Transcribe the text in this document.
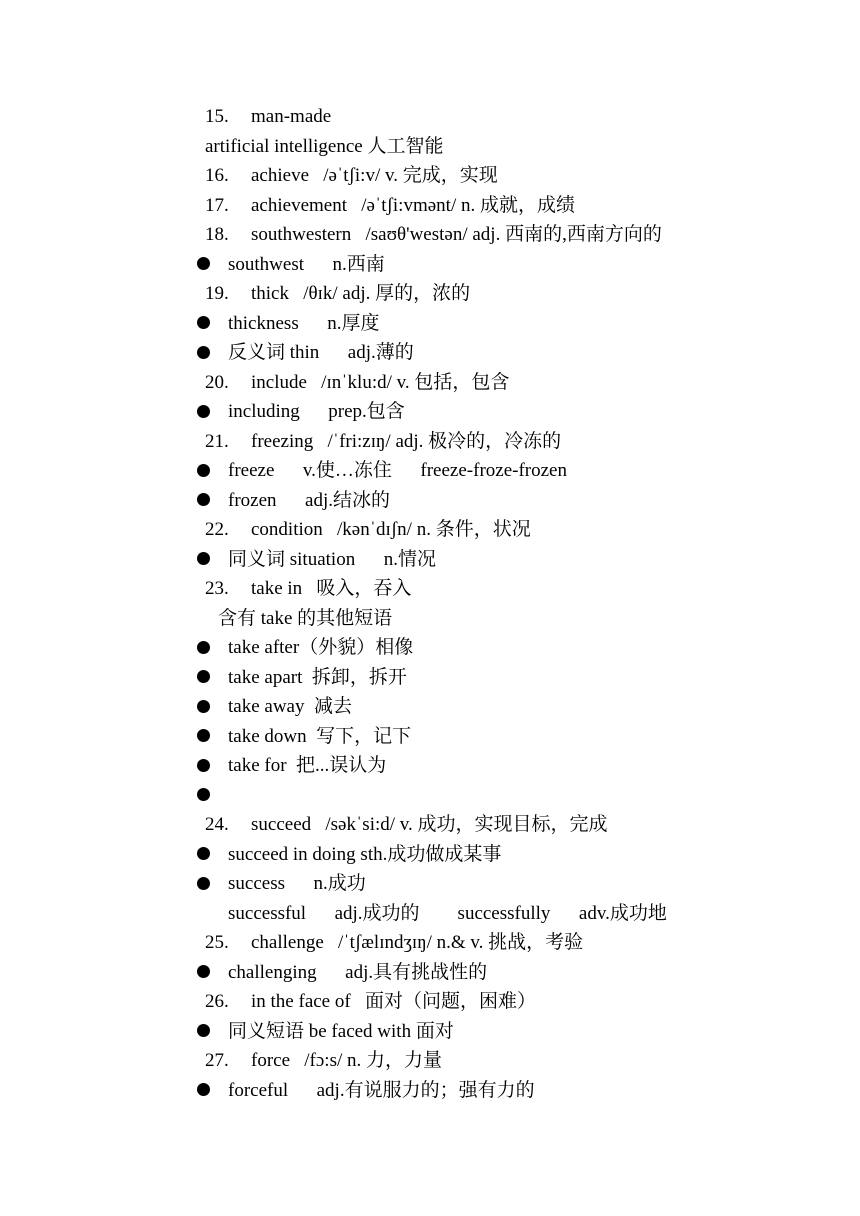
15. man-made
artificial intelligence 人工智能
16. achieve   /əˈtʃi:v/ v. 完成，实现
17. achievement   /əˈtʃi:vmənt/ n. 成就，成绩
18. southwestern   /saʊθ'westən/ adj. 西南的,西南方向的
southwest      n.西南
19. thick   /θɪk/ adj. 厚的，浓的
thickness      n.厚度
反义词 thin      adj.薄的
20. include   /ɪnˈklu:d/ v. 包括，包含
including      prep.包含
21. freezing   /ˈfri:zɪŋ/ adj. 极冷的，冷冻的
freeze      v.使…冻住      freeze-froze-frozen
frozen      adj.结冰的
22. condition   /kənˈdɪʃn/ n. 条件，状况
同义词 situation      n.情况
23. take in   吸入，吞入
含有 take 的其他短语
take after（外貌）相像
take apart  拆卸，拆开
take away  减去
take down  写下，记下
take for  把...误认为
24. succeed   /səkˈsi:d/ v. 成功，实现目标，完成
succeed in doing sth.成功做成某事
success      n.成功
successful      adj.成功的        successfully      adv.成功地
25. challenge   /ˈtʃælɪndʒɪŋ/ n.& v. 挑战，考验
challenging      adj.具有挑战性的
26. in the face of   面对（问题，困难）
同义短语 be faced with 面对
27. force   /fɔ:s/ n. 力，力量
forceful      adj.有说服力的；强有力的
